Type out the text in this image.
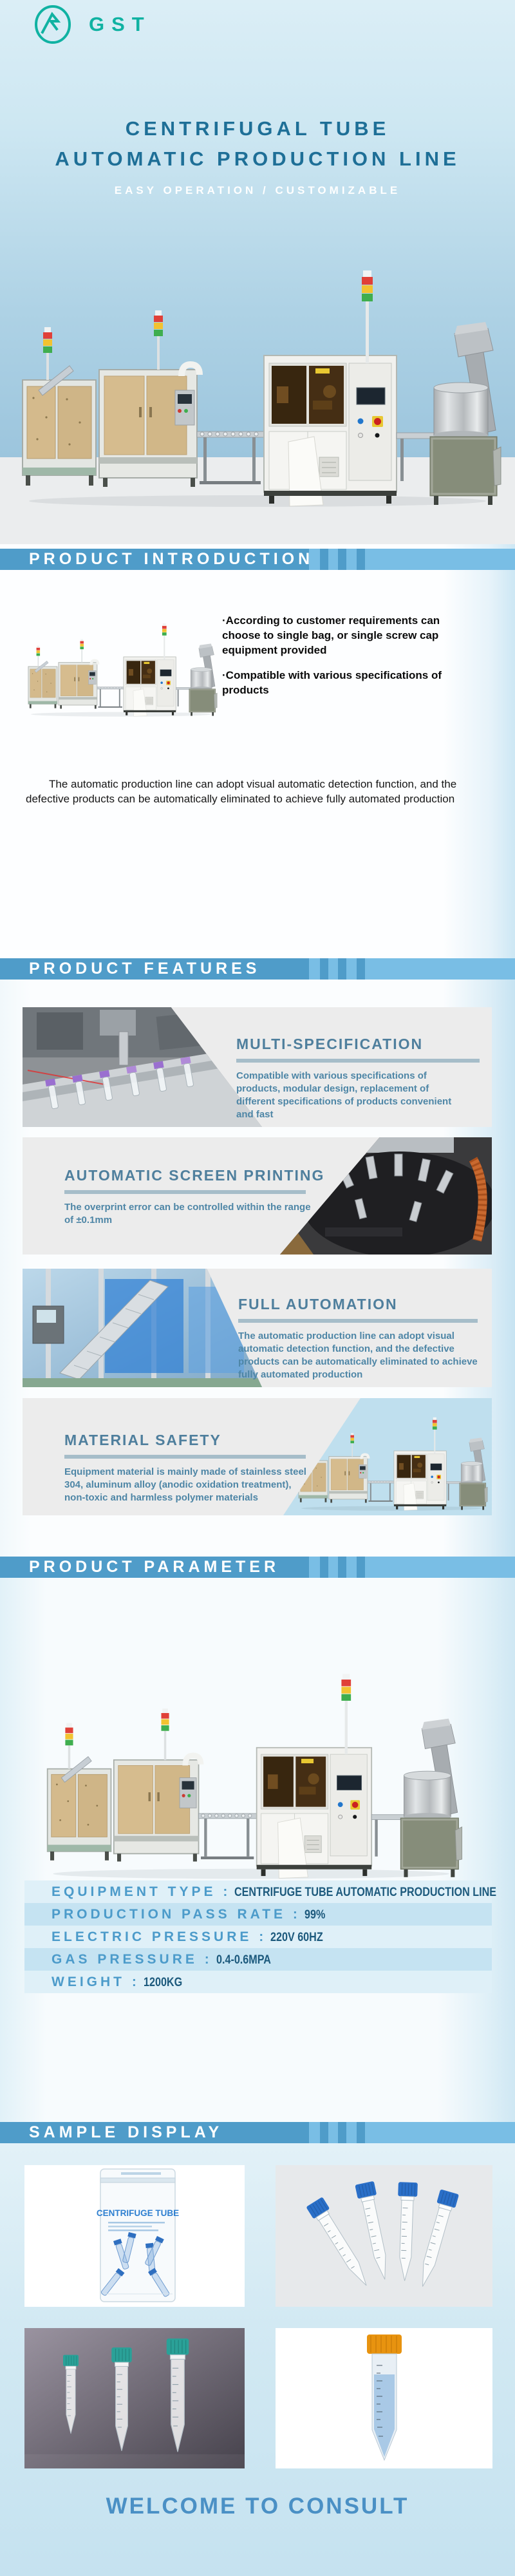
GST
CENTRIFUGAL TUBE
AUTOMATIC PRODUCTION LINE
EASY OPERATION / CUSTOMIZABLE
PRODUCT INTRODUCTION
·According to customer requirements can choose to single bag, or single screw cap equipment provided
·Compatible with various specifications of products
The automatic production line can adopt visual automatic detection function, and the defective products can be automatically eliminated to achieve fully automated production
PRODUCT FEATURES
MULTI-SPECIFICATION
Compatible with various specifications of products, modular design, replacement of different specifications of products convenient and fast
AUTOMATIC SCREEN PRINTING
The overprint error can be controlled within the range of ±0.1mm
FULL AUTOMATION
The automatic production line can adopt visual automatic detection function, and the defective products can be automatically eliminated to achieve fully automated production
MATERIAL SAFETY
Equipment material is mainly made of stainless steel 304, aluminum alloy (anodic oxidation treatment), non-toxic and harmless polymer materials
PRODUCT PARAMETER
EQUIPMENT TYPE : CENTRIFUGE TUBE AUTOMATIC PRODUCTION LINE
PRODUCTION PASS RATE : 99%
ELECTRIC PRESSURE : 220V 60HZ
GAS PRESSURE : 0.4-0.6MPA
WEIGHT : 1200KG
SAMPLE DISPLAY
CENTRIFUGE TUBE
WELCOME TO CONSULT
